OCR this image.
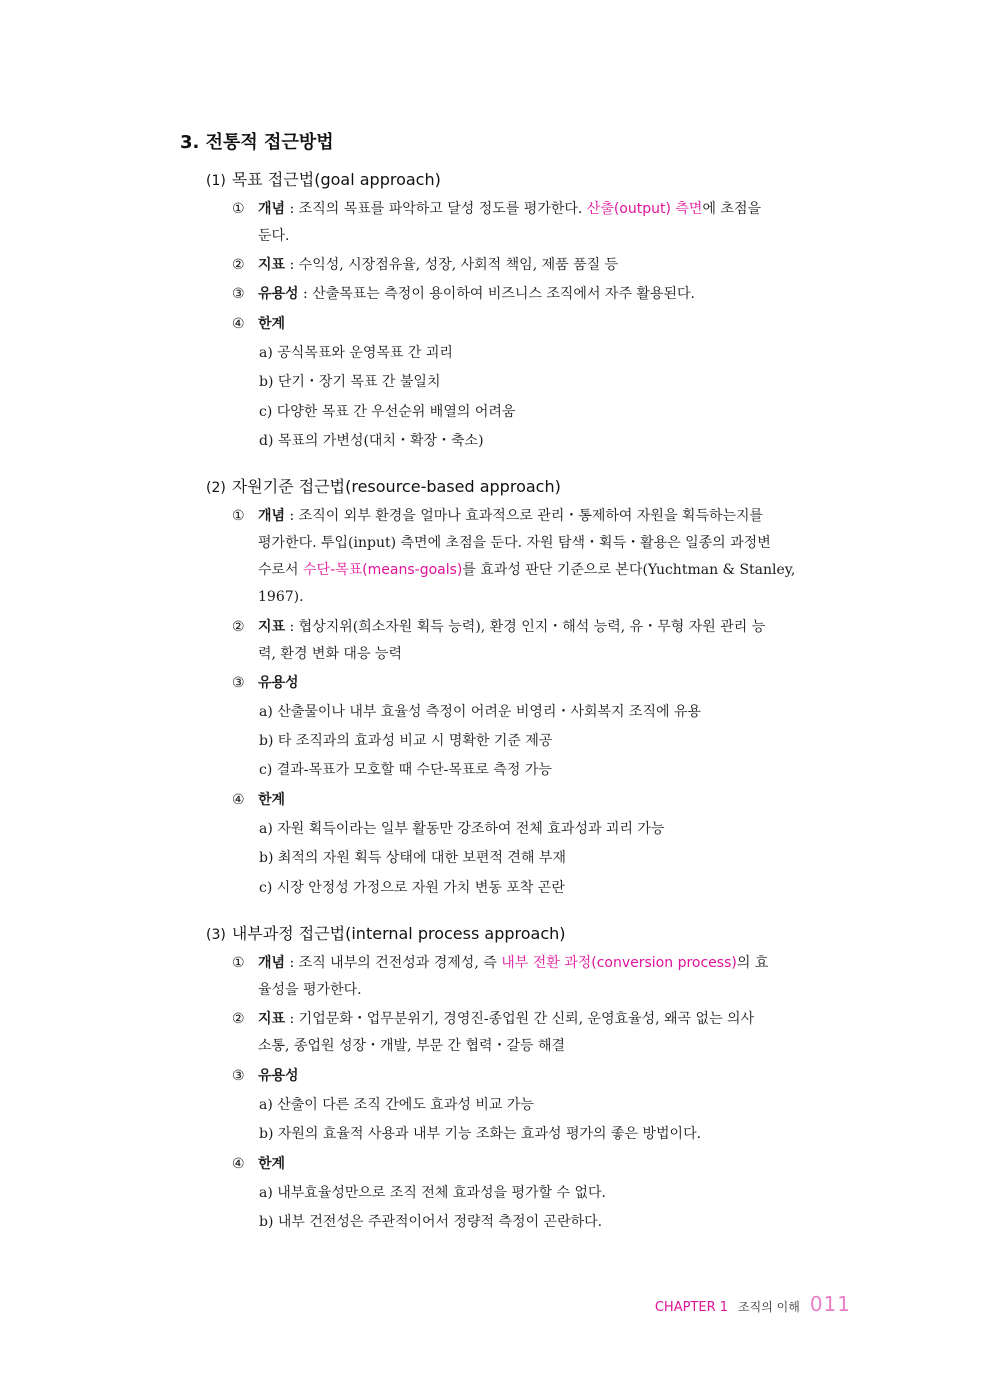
3. 전통적 접근방법
(1) 목표 접근법(goal approach)
① 개념 : 조직의 목표를 파악하고 달성 정도를 평가한다. 산출(output) 측면에 초점을
둔다.
② 지표 : 수익성, 시장점유율, 성장, 사회적 책임, 제품 품질 등
③ 유용성 : 산출목표는 측정이 용이하여 비즈니스 조직에서 자주 활용된다.
④ 한계
a) 공식목표와 운영목표 간 괴리
b) 단기・장기 목표 간 불일치
c) 다양한 목표 간 우선순위 배열의 어려움
d) 목표의 가변성(대치・확장・축소)
(2) 자원기준 접근법(resource-based approach)
① 개념 : 조직이 외부 환경을 얼마나 효과적으로 관리・통제하여 자원을 획득하는지를
평가한다. 투입(input) 측면에 초점을 둔다. 자원 탐색・획득・활용은 일종의 과정변
수로서 수단-목표(means-goals)를 효과성 판단 기준으로 본다(Yuchtman & Stanley,
1967).
② 지표 : 협상지위(희소자원 획득 능력), 환경 인지・해석 능력, 유・무형 자원 관리 능
력, 환경 변화 대응 능력
③ 유용성
a) 산출물이나 내부 효율성 측정이 어려운 비영리・사회복지 조직에 유용
b) 타 조직과의 효과성 비교 시 명확한 기준 제공
c) 결과-목표가 모호할 때 수단-목표로 측정 가능
④ 한계
a) 자원 획득이라는 일부 활동만 강조하여 전체 효과성과 괴리 가능
b) 최적의 자원 획득 상태에 대한 보편적 견해 부재
c) 시장 안정성 가정으로 자원 가치 변동 포착 곤란
(3) 내부과정 접근법(internal process approach)
① 개념 : 조직 내부의 건전성과 경제성, 즉 내부 전환 과정(conversion process)의 효
율성을 평가한다.
② 지표 : 기업문화・업무분위기, 경영진-종업원 간 신뢰, 운영효율성, 왜곡 없는 의사
소통, 종업원 성장・개발, 부문 간 협력・갈등 해결
③ 유용성
a) 산출이 다른 조직 간에도 효과성 비교 가능
b) 자원의 효율적 사용과 내부 기능 조화는 효과성 평가의 좋은 방법이다.
④ 한계
a) 내부효율성만으로 조직 전체 효과성을 평가할 수 없다.
b) 내부 건전성은 주관적이어서 정량적 측정이 곤란하다.
CHAPTER 1 조직의 이해 011
